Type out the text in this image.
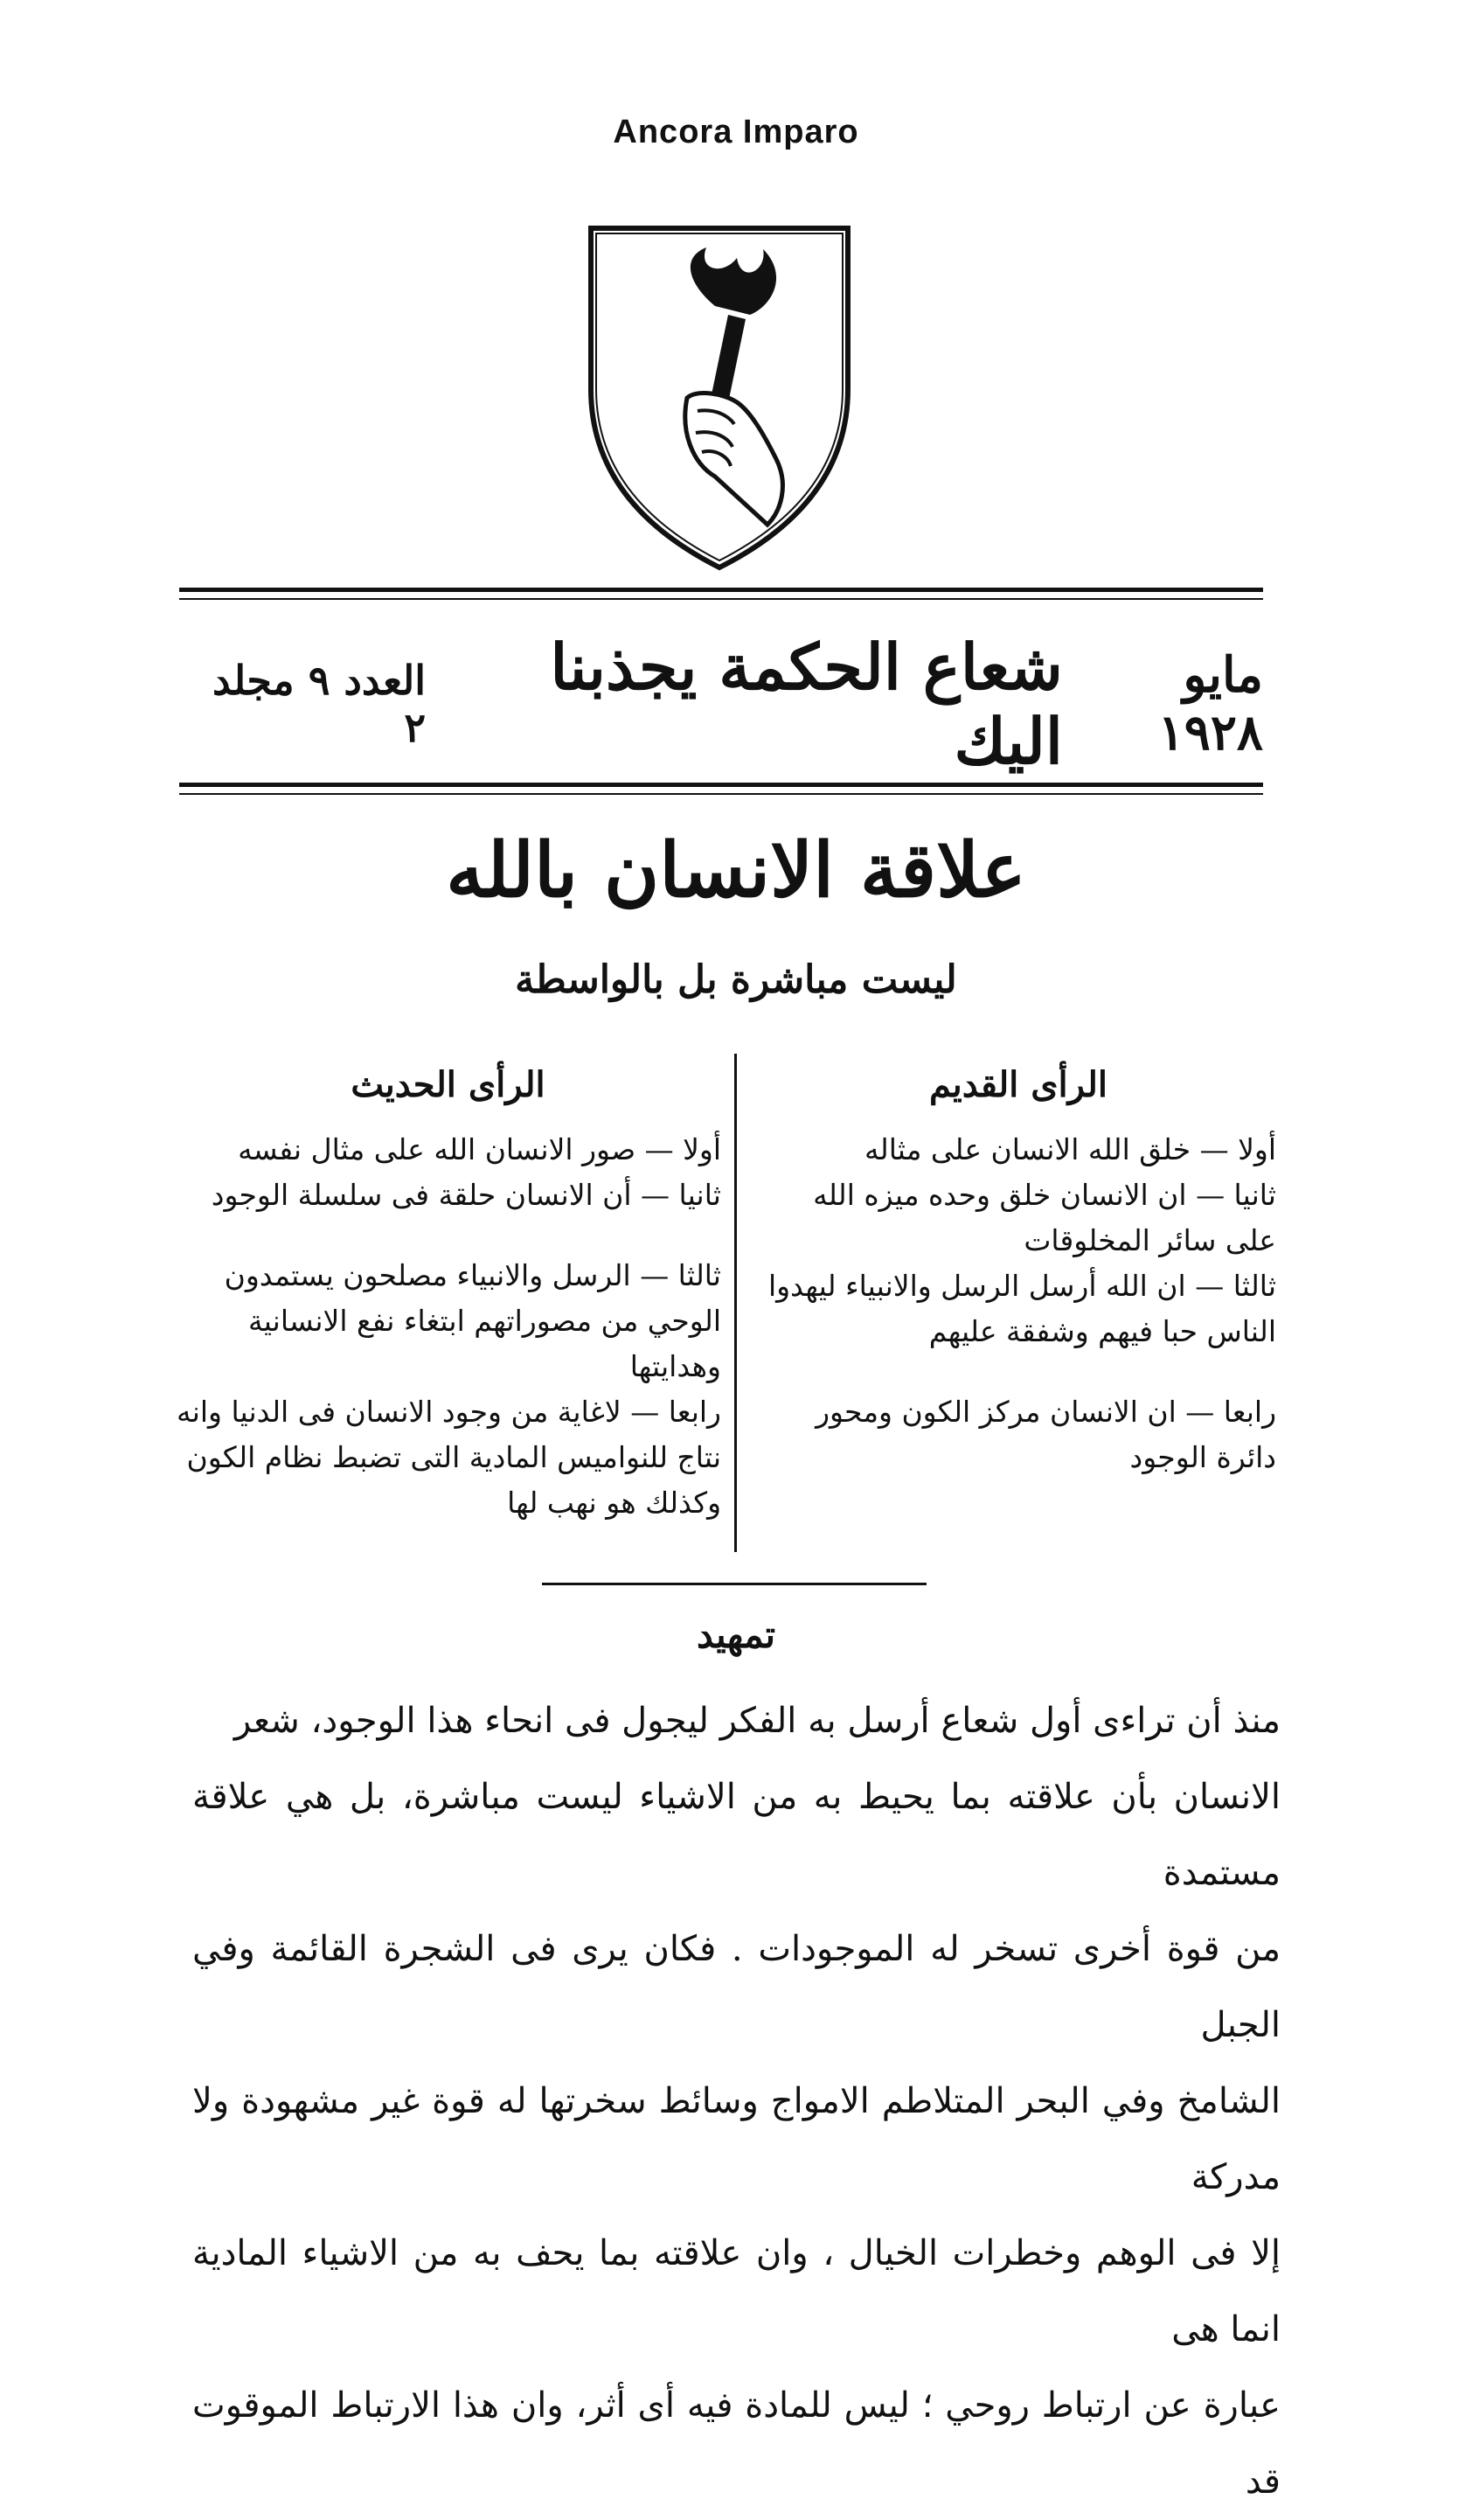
Ancora Imparo
مايو ١٩٢٨
شعاع الحكمة يجذبنا اليك
العدد ٩ مجلد ٢
علاقة الانسان بالله
ليست مباشرة بل بالواسطة
الرأى القديم

أولا — خلق الله الانسان على مثاله

ثانيا — ان الانسان خلق وحده ميزه الله على سائر المخلوقات

ثالثا — ان الله أرسل الرسل والانبياء ليهدوا الناس حبا فيهم وشفقة عليهم

رابعا — ان الانسان مركز الكون ومحور دائرة الوجود

الرأى الحديث

أولا — صور الانسان الله على مثال نفسه

ثانيا — أن الانسان حلقة فى سلسلة الوجود

ثالثا — الرسل والانبياء مصلحون يستمدون الوحي من مصوراتهم ابتغاء نفع الانسانية وهدايتها

رابعا — لاغاية من وجود الانسان فى الدنيا وانه نتاج للنواميس المادية التى تضبط نظام الكون وكذلك هو نهب لها

تمهيد

منذ أن تراءى أول شعاع أرسل به الفكر ليجول فى انحاء هذا الوجود، شعر

الانسان بأن علاقته بما يحيط به من الاشياء ليست مباشرة، بل هي علاقة مستمدة

من قوة أخرى تسخر له الموجودات . فكان يرى فى الشجرة القائمة وفي الجبل

الشامخ وفي البحر المتلاطم الامواج وسائط سخرتها له قوة غير مشهودة ولا مدركة

إلا فى الوهم وخطرات الخيال ، وان علاقته بما يحف به من الاشياء المادية انما هى

عبارة عن ارتباط روحي ؛ ليس للمادة فيه أى أثر، وان هذا الارتباط الموقوت قد
